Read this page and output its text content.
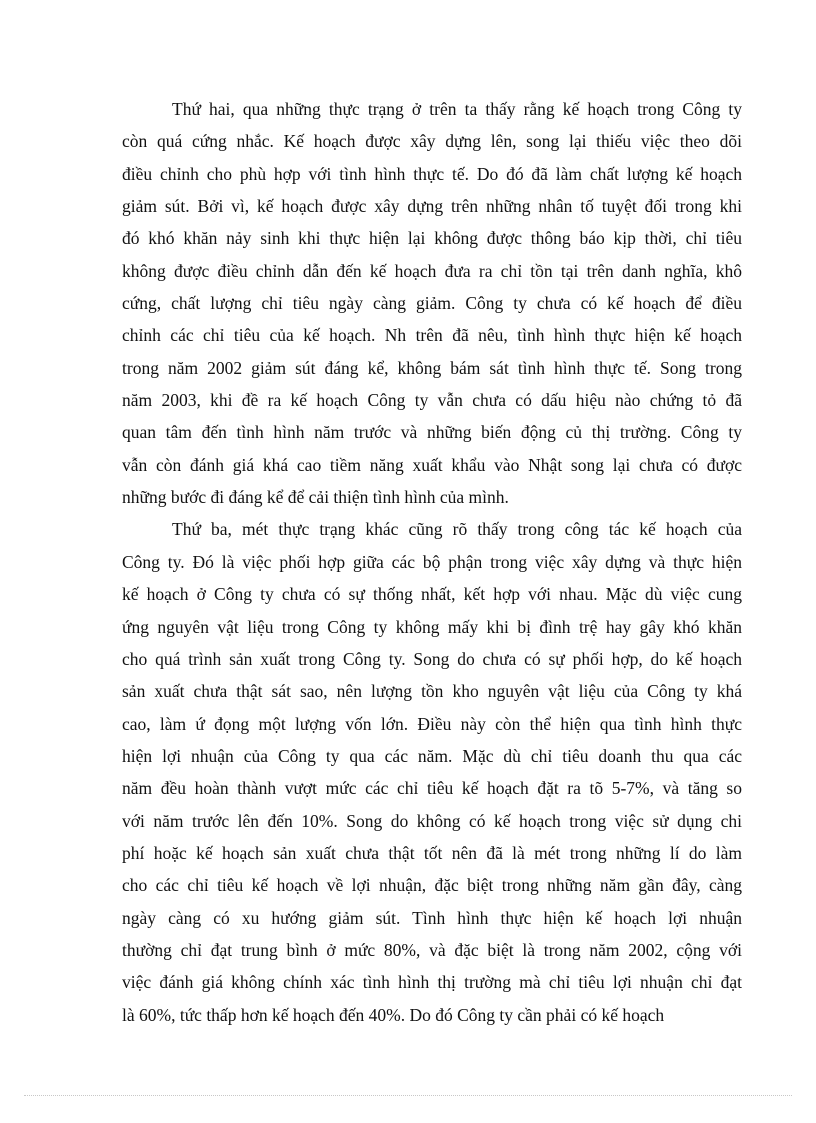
Thứ hai, qua những thực trạng ở trên ta thấy rằng kế hoạch trong Công ty
còn quá cứng nhắc. Kế hoạch được xây dựng lên, song lại thiếu việc theo dõi
điều chỉnh cho phù hợp với tình hình thực tế. Do đó đã làm chất lượng kế hoạch
giảm sút. Bởi vì, kế hoạch được xây dựng trên những nhân tố tuyệt đối trong khi
đó khó khăn nảy sinh khi thực hiện lại không được thông báo kịp thời, chỉ tiêu
không được điều chỉnh dẫn đến kế hoạch đưa ra chỉ tồn tại trên danh nghĩa, khô
cứng, chất lượng chỉ tiêu ngày càng giảm. Công ty chưa có kế hoạch để điều
chỉnh các chỉ tiêu của kế hoạch. Nh trên đã nêu, tình hình thực hiện kế hoạch
trong năm 2002 giảm sút đáng kể, không bám sát tình hình thực tế. Song trong
năm 2003, khi đề ra kế hoạch Công ty vẫn chưa có dấu hiệu nào chứng tỏ đã
quan tâm đến tình hình năm trước và những biến động củ thị trường. Công ty
vẫn còn đánh giá khá cao tiềm năng xuất khẩu vào Nhật song lại chưa có được
những bước đi đáng kể để cải thiện tình hình của mình.

Thứ ba, mét thực trạng khác cũng rõ thấy trong công tác kế hoạch của
Công ty. Đó là việc phối hợp giữa các bộ phận trong việc xây dựng và thực hiện
kế hoạch ở Công ty chưa có sự thống nhất, kết hợp với nhau. Mặc dù việc cung
ứng nguyên vật liệu trong Công ty không mấy khi bị đình trệ hay gây khó khăn
cho quá trình sản xuất trong Công ty. Song do chưa có sự phối hợp, do kế hoạch
sản xuất chưa thật sát sao, nên lượng tồn kho nguyên vật liệu của Công ty khá
cao, làm ứ đọng một lượng vốn lớn. Điều này còn thể hiện qua tình hình thực
hiện lợi nhuận của Công ty qua các năm. Mặc dù chỉ tiêu doanh thu qua các
năm đều hoàn thành vượt mức các chỉ tiêu kế hoạch đặt ra tõ 5-7%, và tăng so
với năm trước lên đến 10%. Song do không có kế hoạch trong việc sử dụng chi
phí hoặc kế hoạch sản xuất chưa thật tốt nên đã là mét trong những lí do làm
cho các chỉ tiêu kế hoạch về lợi nhuận, đặc biệt trong những năm gần đây, càng
ngày càng có xu hướng giảm sút. Tình hình thực hiện kế hoạch lợi nhuận
thường chỉ đạt trung bình ở mức 80%, và đặc biệt là trong năm 2002, cộng với
việc đánh giá không chính xác tình hình thị trường mà chỉ tiêu lợi nhuận chỉ đạt
là 60%, tức thấp hơn kế hoạch đến 40%. Do đó Công ty cần phải có kế hoạch
